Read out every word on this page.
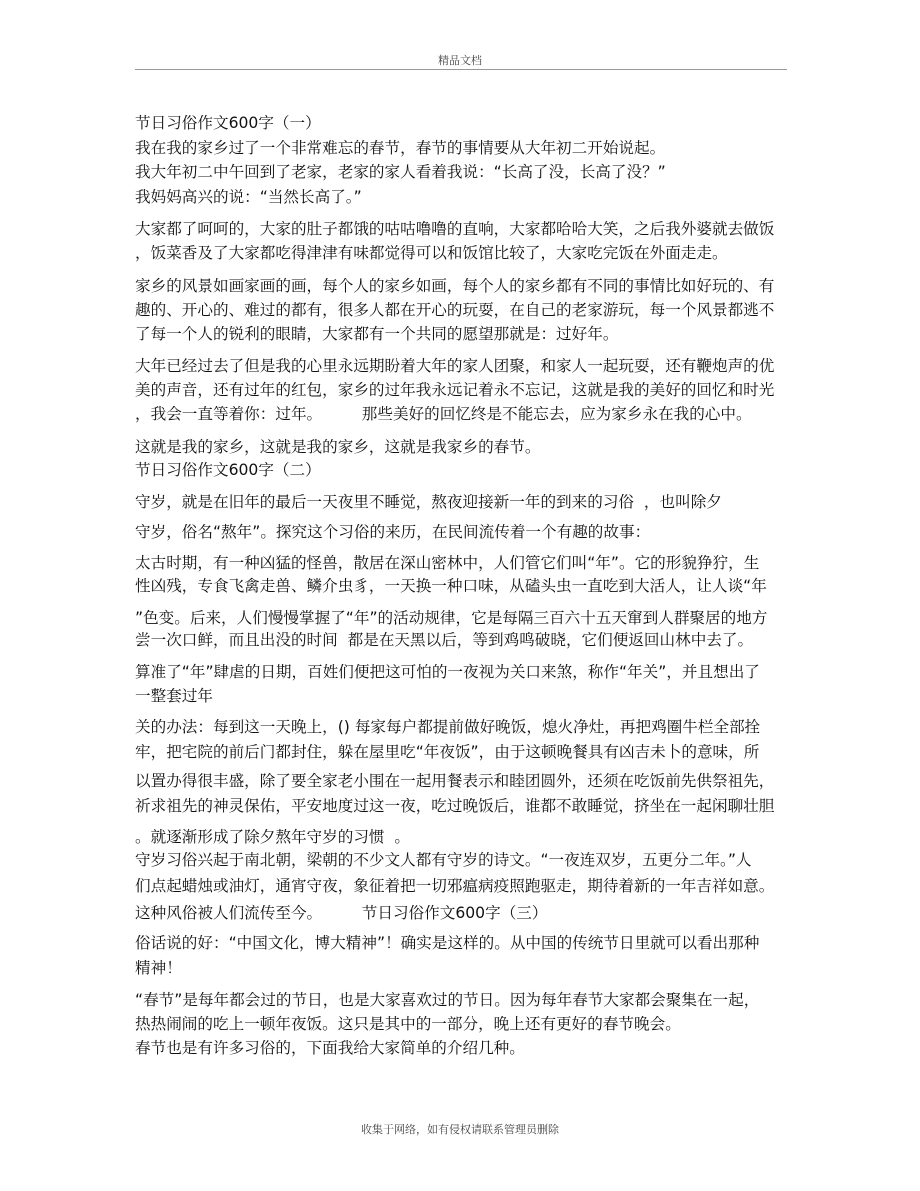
精品文档
节日习俗作文600字（一）
我在我的家乡过了一个非常难忘的春节，春节的事情要从大年初二开始说起。
我大年初二中午回到了老家，老家的家人看着我说：“长高了没，长高了没？”
我妈妈高兴的说：“当然长高了。”
大家都了呵呵的，大家的肚子都饿的咕咕噜噜的直响，大家都哈哈大笑，之后我外婆就去做饭
，饭菜香及了大家都吃得津津有味都觉得可以和饭馆比较了，大家吃完饭在外面走走。
家乡的风景如画家画的画，每个人的家乡如画，每个人的家乡都有不同的事情比如好玩的、有
趣的、开心的、难过的都有，很多人都在开心的玩耍，在自己的老家游玩，每一个风景都逃不
了每一个人的锐利的眼睛，大家都有一个共同的愿望那就是：过好年。
大年已经过去了但是我的心里永远期盼着大年的家人团聚，和家人一起玩耍，还有鞭炮声的优
美的声音，还有过年的红包，家乡的过年我永远记着永不忘记，这就是我的美好的回忆和时光
，我会一直等着你：过年。        那些美好的回忆终是不能忘去，应为家乡永在我的心中。
这就是我的家乡，这就是我的家乡，这就是我家乡的春节。
节日习俗作文600字（二）
守岁，就是在旧年的最后一天夜里不睡觉，熬夜迎接新一年的到来的习俗  ，也叫除夕
守岁，俗名“熬年”。探究这个习俗的来历，在民间流传着一个有趣的故事：
太古时期，有一种凶猛的怪兽，散居在深山密林中，人们管它们叫“年”。它的形貌狰狞，生
性凶残，专食飞禽走兽、鳞介虫豸，一天换一种口味，从磕头虫一直吃到大活人，让人谈“年
”色变。后来，人们慢慢掌握了“年”的活动规律，它是每隔三百六十五天窜到人群聚居的地方
尝一次口鲜，而且出没的时间  都是在天黑以后，等到鸡鸣破晓，它们便返回山林中去了。
算准了“年”肆虐的日期，百姓们便把这可怕的一夜视为关口来煞，称作“年关”，并且想出了
一整套过年
关的办法：每到这一天晚上，() 每家每户都提前做好晚饭，熄火净灶，再把鸡圈牛栏全部拴
牢，把宅院的前后门都封住，躲在屋里吃“年夜饭”，由于这顿晚餐具有凶吉未卜的意味，所
以置办得很丰盛，除了要全家老小围在一起用餐表示和睦团圆外，还须在吃饭前先供祭祖先，
祈求祖先的神灵保佑，平安地度过这一夜，吃过晚饭后，谁都不敢睡觉，挤坐在一起闲聊壮胆
。就逐渐形成了除夕熬年守岁的习惯  。
守岁习俗兴起于南北朝，梁朝的不少文人都有守岁的诗文。“一夜连双岁，五更分二年。”人
们点起蜡烛或油灯，通宵守夜，象征着把一切邪瘟病疫照跑驱走，期待着新的一年吉祥如意。
这种风俗被人们流传至今。        节日习俗作文600字（三）
俗话说的好：“中国文化，博大精神”！确实是这样的。从中国的传统节日里就可以看出那种
精神！
“春节”是每年都会过的节日，也是大家喜欢过的节日。因为每年春节大家都会聚集在一起，
热热闹闹的吃上一顿年夜饭。这只是其中的一部分，晚上还有更好的春节晚会。
春节也是有许多习俗的，下面我给大家简单的介绍几种。
收集于网络，如有侵权请联系管理员删除
